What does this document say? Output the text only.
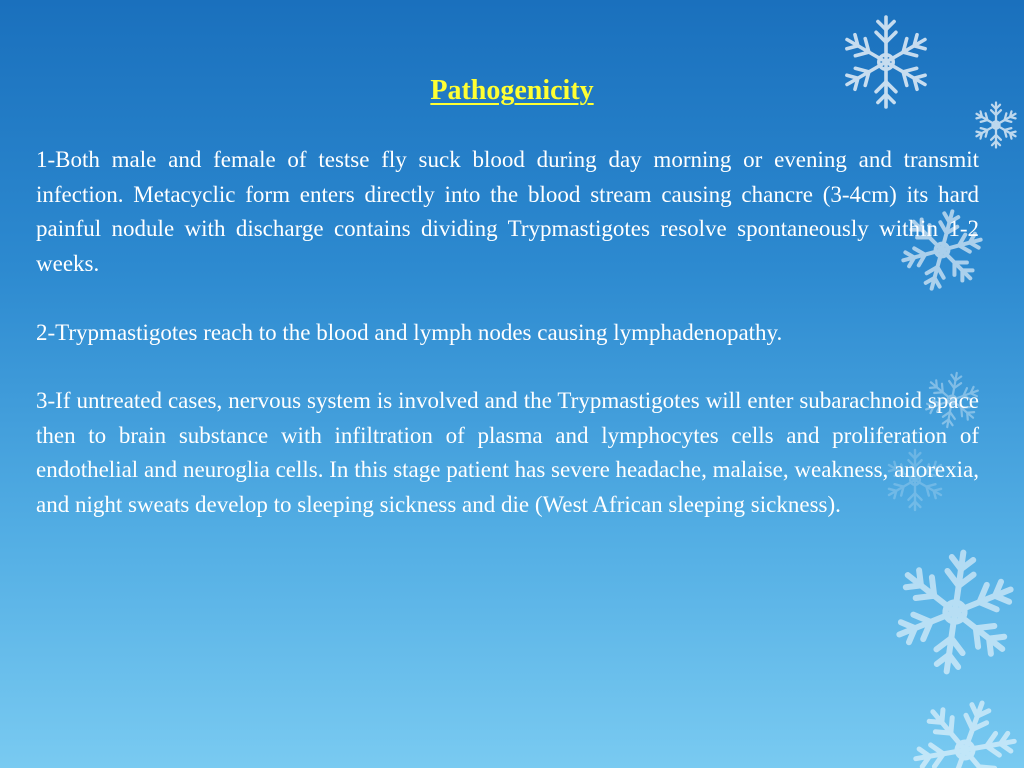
Pathogenicity

1-Both male and female of testse fly suck blood during day morning or evening and transmit infection. Metacyclic form enters directly into the blood stream causing chancre (3-4cm) its hard painful nodule with discharge contains dividing Trypmastigotes resolve spontaneously within 1-2 weeks.

2-Trypmastigotes reach to the blood and lymph nodes causing lymphadenopathy.

3-If untreated cases, nervous system is involved and the Trypmastigotes will enter subarachnoid space then to brain substance with infiltration of plasma and lymphocytes cells and proliferation of endothelial and neuroglia cells. In this stage patient has severe headache, malaise, weakness, anorexia, and night sweats develop to sleeping sickness and die (West African sleeping sickness).
